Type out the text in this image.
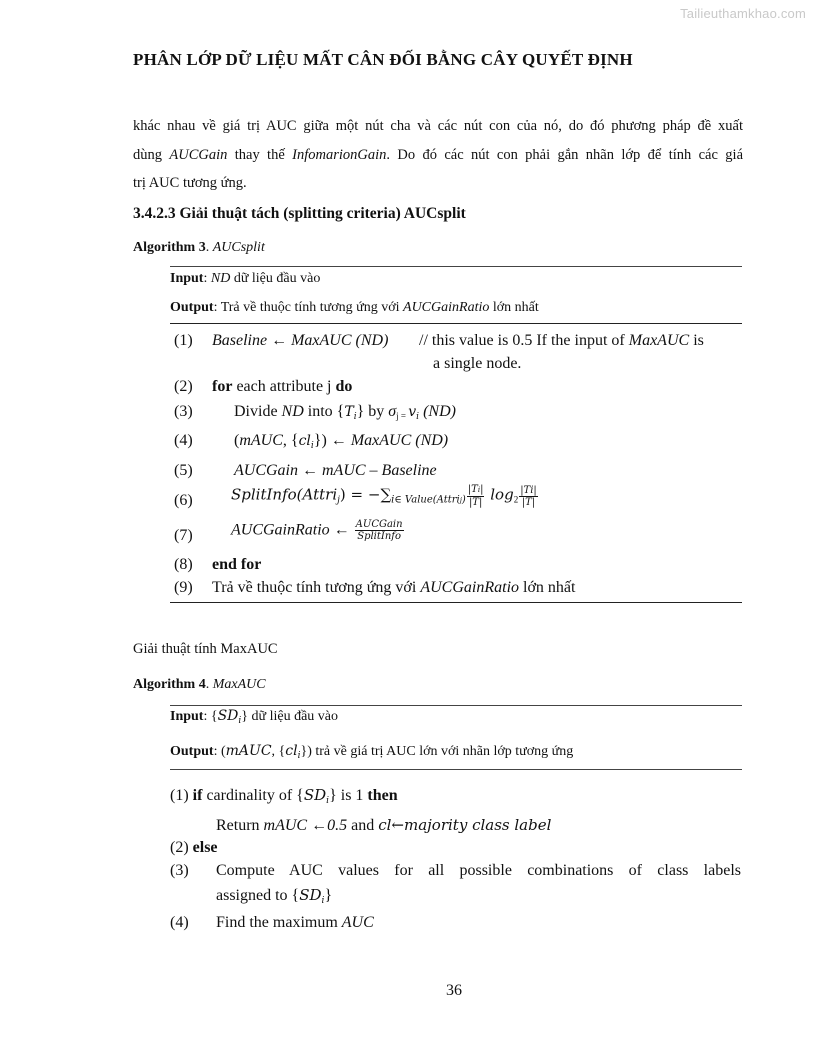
Tailieuthamkhao.com
PHÂN LỚP DỮ LIỆU MẤT CÂN ĐỐI BẰNG CÂY QUYẾT ĐỊNH
khác nhau về giá trị AUC giữa một nút cha và các nút con của nó, do đó phương pháp đề xuất
dùng AUCGain thay thế InfomarionGain. Do đó các nút con phải gắn nhãn lớp để tính các giá
trị AUC tương ứng.
3.4.2.3 Giải thuật tách (splitting criteria) AUCsplit
Algorithm 3. AUCsplit
Input: ND dữ liệu đầu vào
Output: Trả về thuộc tính tương ứng với AUCGainRatio lớn nhất
(1) Baseline ← MaxAUC (ND) // this value is 0.5 If the input of MaxAUC is
a single node.
(2) for each attribute j do
(3)	Divide ND into $\{T_i\}$ by $\sigma_{j =}$ $v_i$ (ND)
(4)	(mAUC, $\{cl_i\}$) ← MaxAUC (ND)
(5)	AUCGain ← mAUC – Baseline
(6)	SplitInfo(Attri$_j$) = $-\sum_{i\in Value(Attrij)} \frac{|Ti|}{|T|} \log_2 \frac{|Ti|}{|T|}$
(7) AUCGainRatio ← $\frac{\text{AUCGain}}{\text{SplitInfo}}$
(8) end for
(9) Trả về thuộc tính tương ứng với AUCGainRatio lớn nhất
Giải thuật tính MaxAUC
Algorithm 4. MaxAUC
Input: $\{SD_i\}$ dữ liệu đầu vào
Output: (mAUC, $\{cl_i\}$) trả về giá trị AUC lớn với nhãn lớp tương ứng
(1) if cardinality of $\{SD_i\}$ is 1 then
Return mAUC ←0.5 and cl←majority class label
(2) else
(3) Compute AUC values for all possible combinations of class labels
assigned to $\{SD_i\}$
(4) Find the maximum AUC
36
